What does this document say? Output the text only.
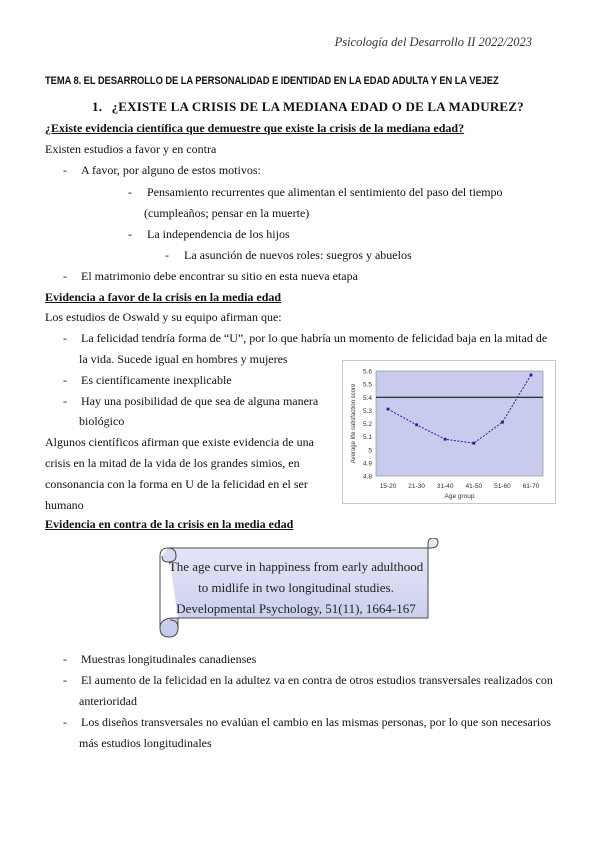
Psicología del Desarrollo II 2022/2023
TEMA 8. EL DESARROLLO DE LA PERSONALIDAD E IDENTIDAD EN LA EDAD ADULTA Y EN LA VEJEZ
1. ¿EXISTE LA CRISIS DE LA MEDIANA EDAD O DE LA MADUREZ?
¿Existe evidencia científica que demuestre que existe la crisis de la mediana edad?
Existen estudios a favor y en contra
- A favor, por alguno de estos motivos:
- Pensamiento recurrentes que alimentan el sentimiento del paso del tiempo
(cumpleaños; pensar en la muerte)
- La independencia de los hijos
- La asunción de nuevos roles: suegros y abuelos
- El matrimonio debe encontrar su sitio en esta nueva etapa
Evidencia a favor de la crisis en la media edad
Los estudios de Oswald y su equipo afirman que:
- La felicidad tendría forma de “U”, por lo que habría un momento de felicidad baja en la mitad de
la vida. Sucede igual en hombres y mujeres
- Es científicamente inexplicable
- Hay una posibilidad de que sea de alguna manera
biológico
Algunos científicos afirman que existe evidencia de una
crisis en la mitad de la vida de los grandes simios, en
consonancia con la forma en U de la felicidad en el ser
humano
4.8
4.9
5
5.1
5.2
5.3
5.4
5.5
5.6
15-20 21-30 31-40 41-50 51-60 61-70
Average life satisfaction score
Age group
Evidencia en contra de la crisis en la media edad
The age curve in happiness from early adulthood
to midlife in two longitudinal studies.
Developmental Psychology, 51(11), 1664-167
- Muestras longitudinales canadienses
- El aumento de la felicidad en la adultez va en contra de otros estudios transversales realizados con
anterioridad
- Los diseños transversales no evalúan el cambio en las mismas personas, por lo que son necesarios
más estudios longitudinales
